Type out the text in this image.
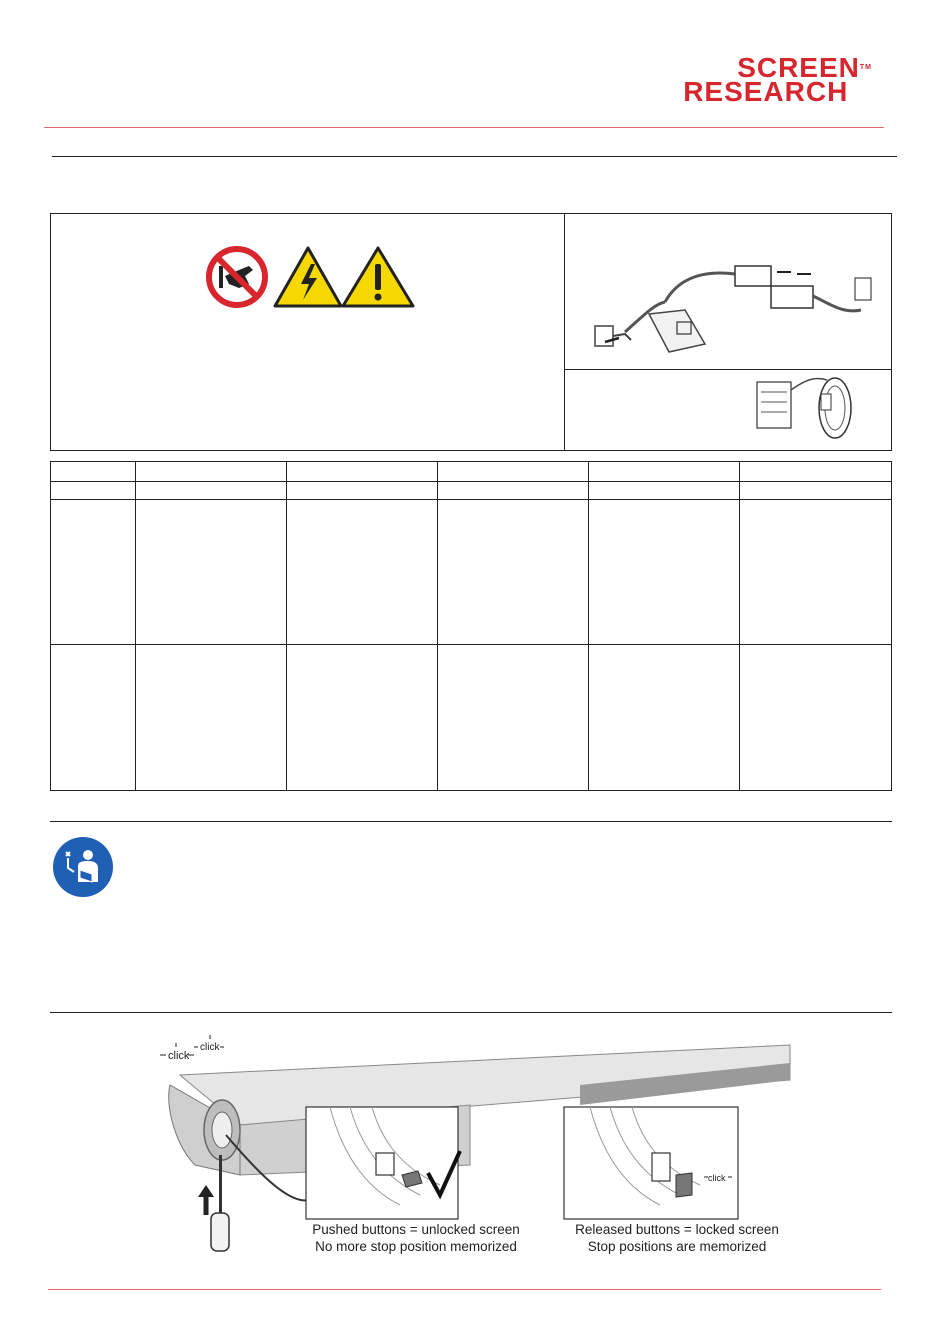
SCREEN™
RESEARCH

click
click
click
Pushed buttons = unlocked screen
No more stop position memorized
Released buttons = locked screen
Stop positions are memorized
